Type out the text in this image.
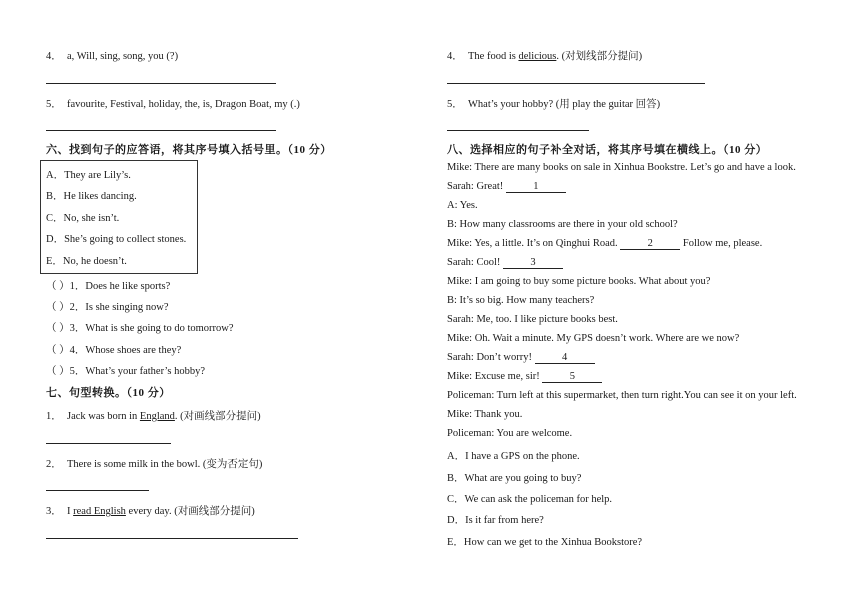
4． a, Will, sing, song, you (?)
5． favourite, Festival, holiday, the, is, Dragon Boat, my (.)
六、找到句子的应答语，将其序号填入括号里。（10 分）
A．They are Lily’s.
B．He likes dancing.
C．No, she isn’t.
D．She’s going to collect stones.
E．No, he doesn’t.
（ ）1．Does he like sports?
（ ）2．Is she singing now?
（ ）3．What is she going to do tomorrow?
（ ）4．Whose shoes are they?
（ ）5．What’s your father’s hobby?
七、句型转换。（10 分）
1． Jack was born in England. (对画线部分提问)
2． There is some milk in the bowl. (变为否定句)
3． I read English every day. (对画线部分提问)
4． The food is delicious. (对划线部分提问)
5． What’s your hobby? (用 play the guitar 回答)
八、选择相应的句子补全对话，将其序号填在横线上。（10 分）
Mike: There are many books on sale in Xinhua Bookstre. Let’s go and have a look.
Sarah: Great!	1
A: Yes.
B: How many classrooms are there in your old school?
Mike: Yes, a little. It’s on Qinghui Road.	2	Follow me, please.
Sarah: Cool!	3
Mike: I am going to buy some picture books. What about you?
B: It’s so big. How many teachers?
Sarah: Me, too. I like picture books best.
Mike: Oh. Wait a minute. My GPS doesn’t work. Where are we now?
Sarah: Don’t worry!	4
Mike: Excuse me, sir!	5
Policeman: Turn left at this supermarket, then turn right.You can see it on your left.
Mike: Thank you.
Policeman: You are welcome.
A．I have a GPS on the phone.
B．What are you going to buy?
C．We can ask the policeman for help.
D．Is it far from here?
E．How can we get to the Xinhua Bookstore?
